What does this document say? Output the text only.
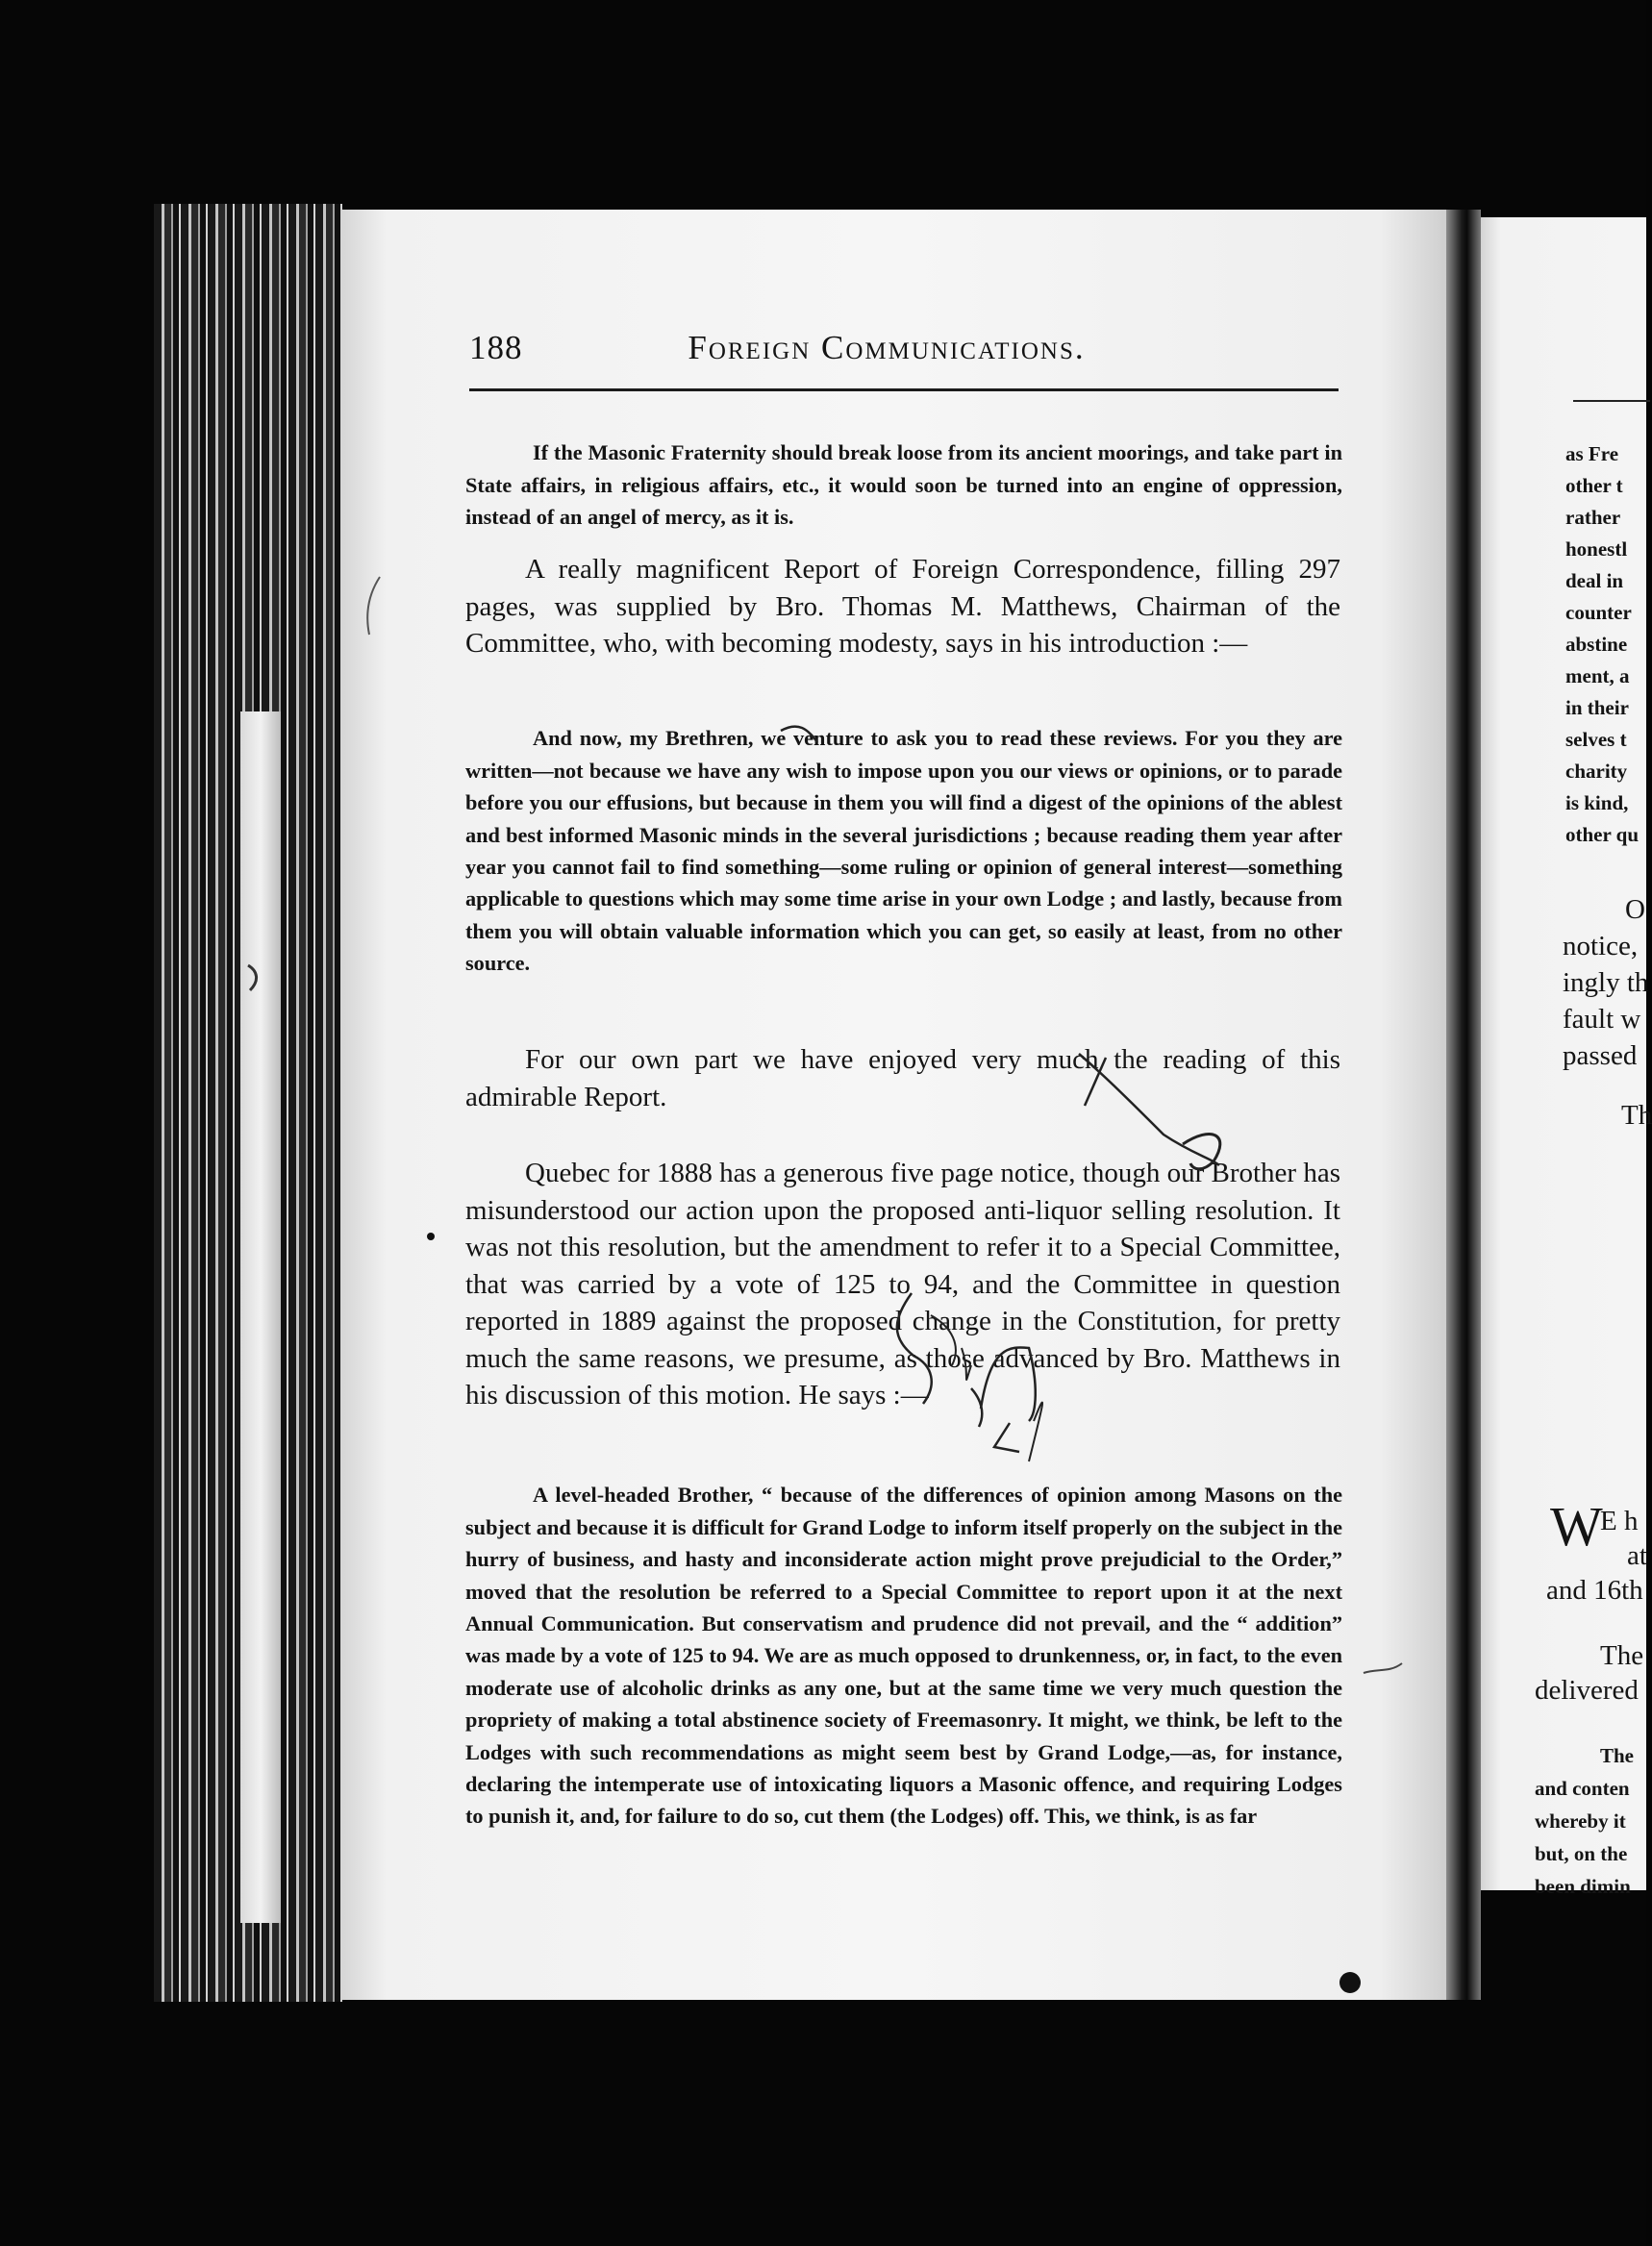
188	Foreign Communications.

If the Masonic Fraternity should break loose from its ancient moorings, and take part in State affairs, in religious affairs, etc., it would soon be turned into an engine of oppression, instead of an angel of mercy, as it is.

A really magnificent Report of Foreign Correspondence, filling 297 pages, was supplied by Bro. Thomas M. Matthews, Chairman of the Committee, who, with becoming modesty, says in his introduction :—

And now, my Brethren, we venture to ask you to read these reviews. For you they are written—not because we have any wish to impose upon you our views or opinions, or to parade before you our effusions, but because in them you will find a digest of the opinions of the ablest and best informed Masonic minds in the several jurisdictions ; because reading them year after year you cannot fail to find something—some ruling or opinion of general interest—something applicable to questions which may some time arise in your own Lodge ; and lastly, because from them you will obtain valuable information which you can get, so easily at least, from no other source.

For our own part we have enjoyed very much the reading of this admirable Report.

Quebec for 1888 has a generous five page notice, though our Brother has misunderstood our action upon the proposed anti-liquor selling resolution. It was not this resolution, but the amendment to refer it to a Special Committee, that was carried by a vote of 125 to 94, and the Committee in question reported in 1889 against the proposed change in the Constitution, for pretty much the same reasons, we presume, as those advanced by Bro. Matthews in his discussion of this motion. He says :—

A level-headed Brother, “ because of the differences of opinion among Masons on the subject and because it is difficult for Grand Lodge to inform itself properly on the subject in the hurry of business, and hasty and inconsiderate action might prove prejudicial to the Order,” moved that the resolution be referred to a Special Committee to report upon it at the next Annual Communication. But conservatism and prudence did not prevail, and the “ addition” was made by a vote of 125 to 94. We are as much opposed to drunkenness, or, in fact, to the even moderate use of alcoholic drinks as any one, but at the same time we very much question the propriety of making a total abstinence society of Freemasonry. It might, we think, be left to the Lodges with such recommendations as might seem best by Grand Lodge,—as, for instance, declaring the intemperate use of intoxicating liquors a Masonic offence, and requiring Lodges to punish it, and, for failure to do so, cut them (the Lodges) off. This, we think, is as far

as Fre
other t
rather
honestl
deal in
counter
abstine
ment, a
in their
selves t
charity
is kind,
other qu
O
notice,
ingly th
fault w
passed
Th
W
E h
at
and 16th
The
delivered
The
and conten
whereby it
but, on the
been dimin
